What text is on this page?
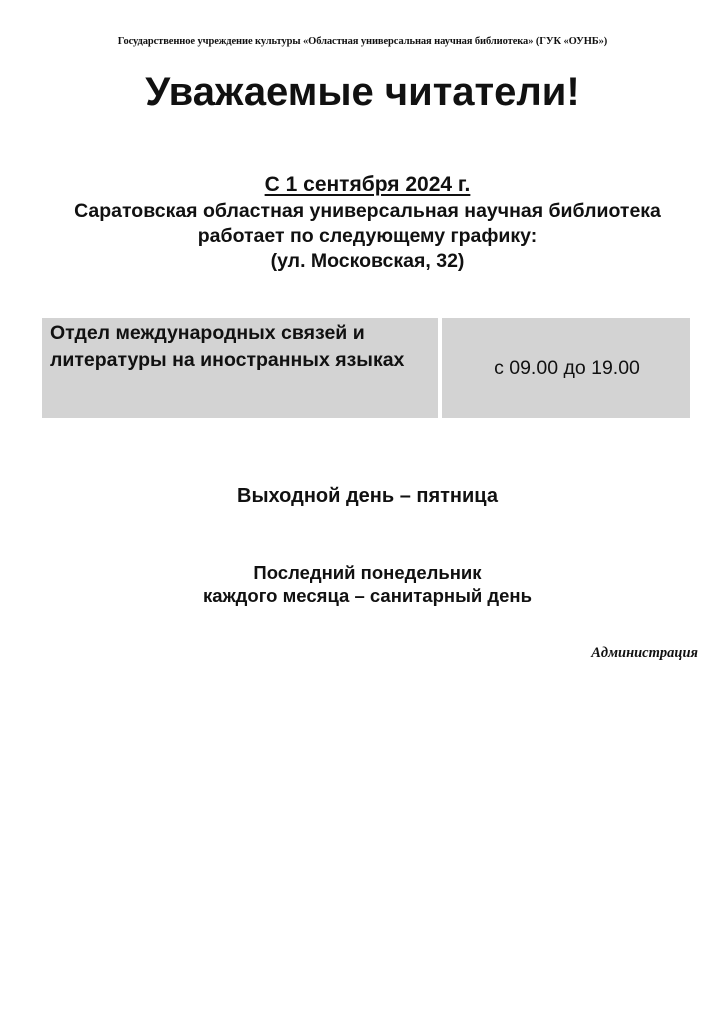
Государственное учреждение культуры «Областная универсальная научная библиотека» (ГУК «ОУНБ»)
Уважаемые читатели!
С 1 сентября 2024 г.
Саратовская областная универсальная научная библиотека
работает по следующему графику:
(ул. Московская, 32)
Отдел международных связей и литературы на иностранных языках	с 09.00 до 19.00
Выходной день – пятница
Последний понедельник
каждого месяца – санитарный день
Администрация
